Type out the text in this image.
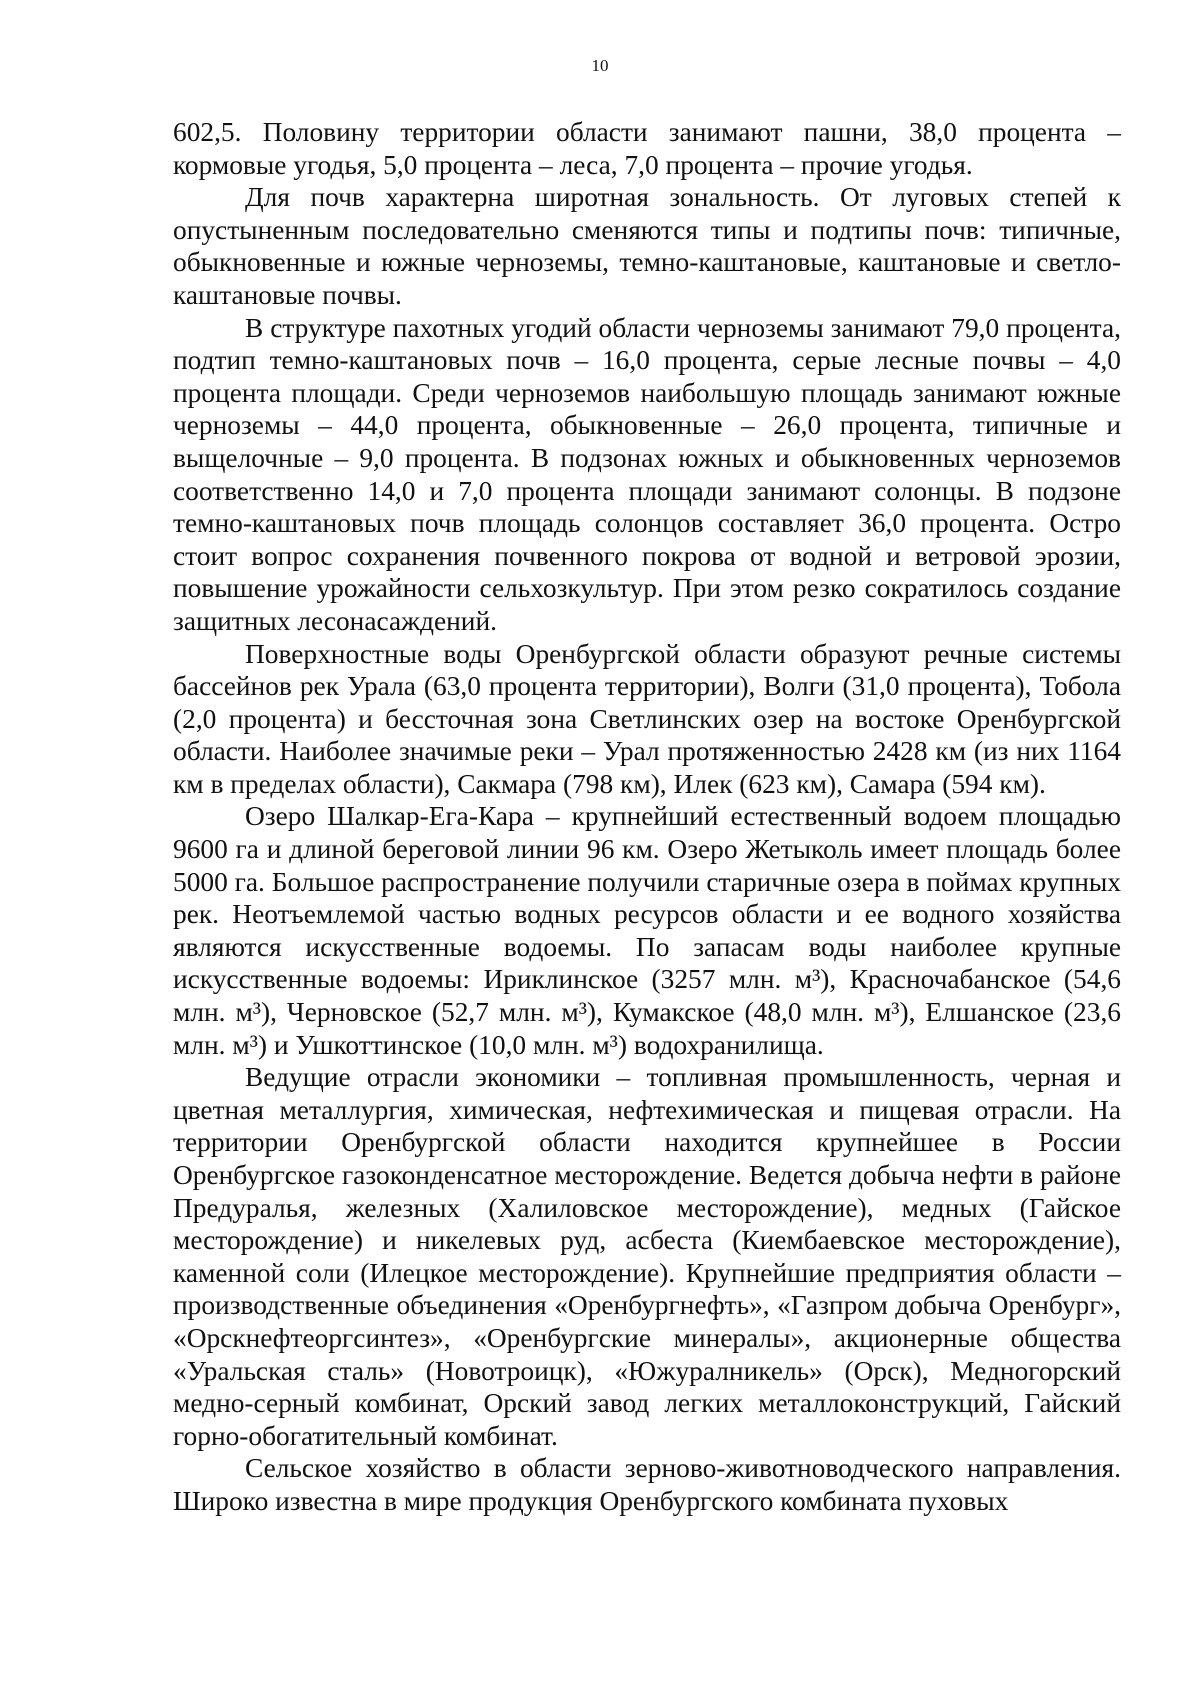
10

602,5. Половину территории области занимают пашни, 38,0 процента – кормовые угодья, 5,0 процента – леса, 7,0 процента – прочие угодья.

Для почв характерна широтная зональность. От луговых степей к опустыненным последовательно сменяются типы и подтипы почв: типичные, обыкновенные и южные черноземы, темно-каштановые, каштановые и светло-каштановые почвы.

В структуре пахотных угодий области черноземы занимают 79,0 процента, подтип темно-каштановых почв – 16,0 процента, серые лесные почвы – 4,0 процента площади. Среди черноземов наибольшую площадь занимают южные черноземы – 44,0 процента, обыкновенные – 26,0 процента, типичные и выщелочные – 9,0 процента. В подзонах южных и обыкновенных черноземов соответственно 14,0 и 7,0 процента площади занимают солонцы. В подзоне темно-каштановых почв площадь солонцов составляет 36,0 процента. Остро стоит вопрос сохранения почвенного покрова от водной и ветровой эрозии, повышение урожайности сельхозкультур. При этом резко сократилось создание защитных лесонасаждений.

Поверхностные воды Оренбургской области образуют речные системы бассейнов рек Урала (63,0 процента территории), Волги (31,0 процента), Тобола (2,0 процента) и бессточная зона Светлинских озер на востоке Оренбургской области. Наиболее значимые реки – Урал протяженностью 2428 км (из них 1164 км в пределах области), Сакмара (798 км), Илек (623 км), Самара (594 км).

Озеро Шалкар-Ега-Кара – крупнейший естественный водоем площадью 9600 га и длиной береговой линии 96 км. Озеро Жетыколь имеет площадь более 5000 га. Большое распространение получили старичные озера в поймах крупных рек. Неотъемлемой частью водных ресурсов области и ее водного хозяйства являются искусственные водоемы. По запасам воды наиболее крупные искусственные водоемы: Ириклинское (3257 млн. м³), Красночабанское (54,6 млн. м³), Черновское (52,7 млн. м³), Кумакское (48,0 млн. м³), Елшанское (23,6 млн. м³) и Ушкоттинское (10,0 млн. м³) водохранилища.

Ведущие отрасли экономики – топливная промышленность, черная и цветная металлургия, химическая, нефтехимическая и пищевая отрасли. На территории Оренбургской области находится крупнейшее в России Оренбургское газоконденсатное месторождение. Ведется добыча нефти в районе Предуралья, железных (Халиловское месторождение), медных (Гайское месторождение) и никелевых руд, асбеста (Киембаевское месторождение), каменной соли (Илецкое месторождение). Крупнейшие предприятия области – производственные объединения «Оренбургнефть», «Газпром добыча Оренбург», «Орскнефтеоргсинтез», «Оренбургские минералы», акционерные общества «Уральская сталь» (Новотроицк), «Южуралникель» (Орск), Медногорский медно-серный комбинат, Орский завод легких металлоконструкций, Гайский горно-обогатительный комбинат.

Сельское хозяйство в области зерново-животноводческого направления. Широко известна в мире продукция Оренбургского комбината пуховых
